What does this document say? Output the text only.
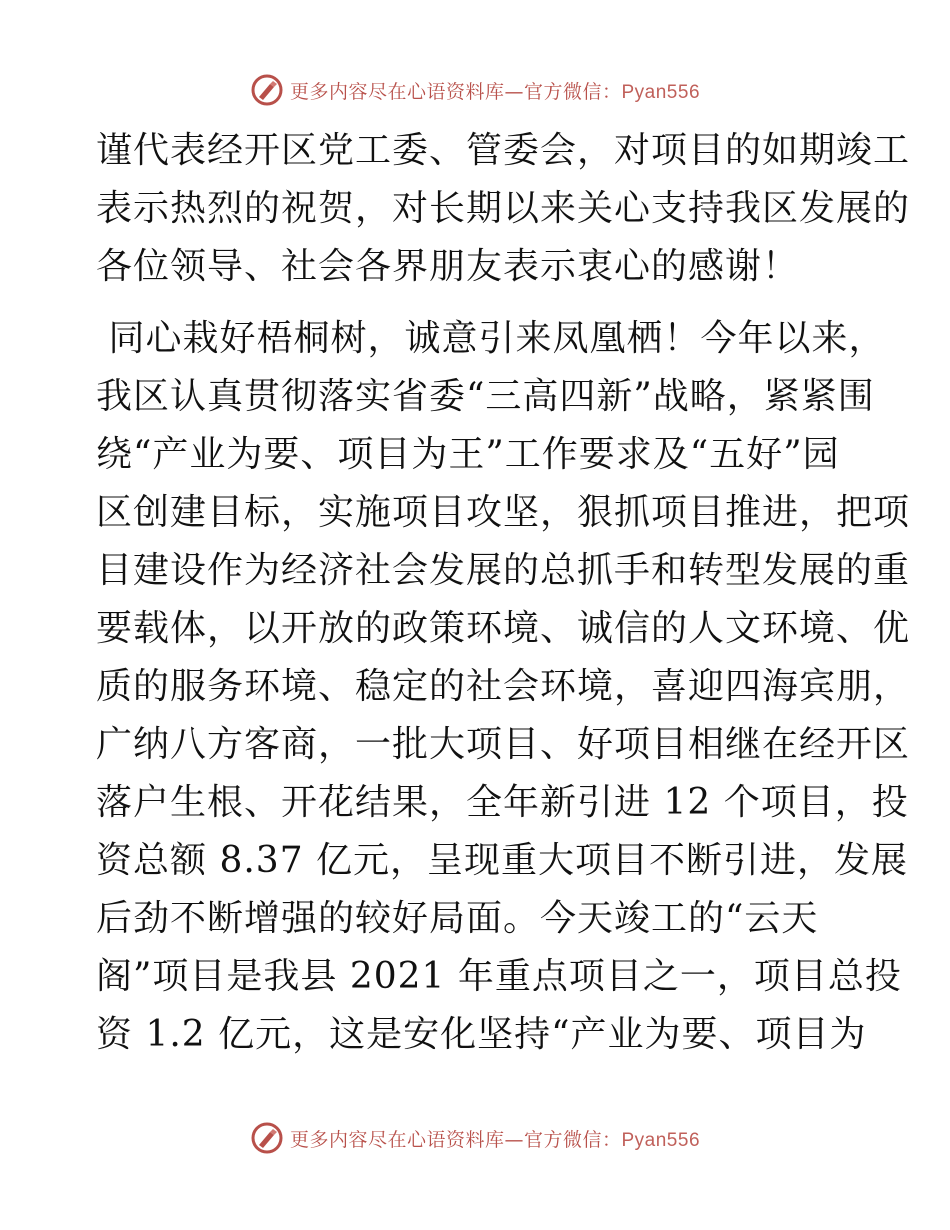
更多内容尽在心语资料库—官方微信：Pyan556
谨代表经开区党工委、管委会，对项目的如期竣工
表示热烈的祝贺，对长期以来关心支持我区发展的
各位领导、社会各界朋友表示衷心的感谢！
同心栽好梧桐树，诚意引来凤凰栖！今年以来，
我区认真贯彻落实省委“三高四新”战略，紧紧围
绕“产业为要、项目为王”工作要求及“五好”园
区创建目标，实施项目攻坚，狠抓项目推进，把项
目建设作为经济社会发展的总抓手和转型发展的重
要载体，以开放的政策环境、诚信的人文环境、优
质的服务环境、稳定的社会环境，喜迎四海宾朋，
广纳八方客商，一批大项目、好项目相继在经开区
落户生根、开花结果，全年新引进 12 个项目，投
资总额 8.37 亿元，呈现重大项目不断引进，发展
后劲不断增强的较好局面。今天竣工的“云天
阁”项目是我县 2021 年重点项目之一，项目总投
资 1.2 亿元，这是安化坚持“产业为要、项目为
更多内容尽在心语资料库—官方微信：Pyan556
